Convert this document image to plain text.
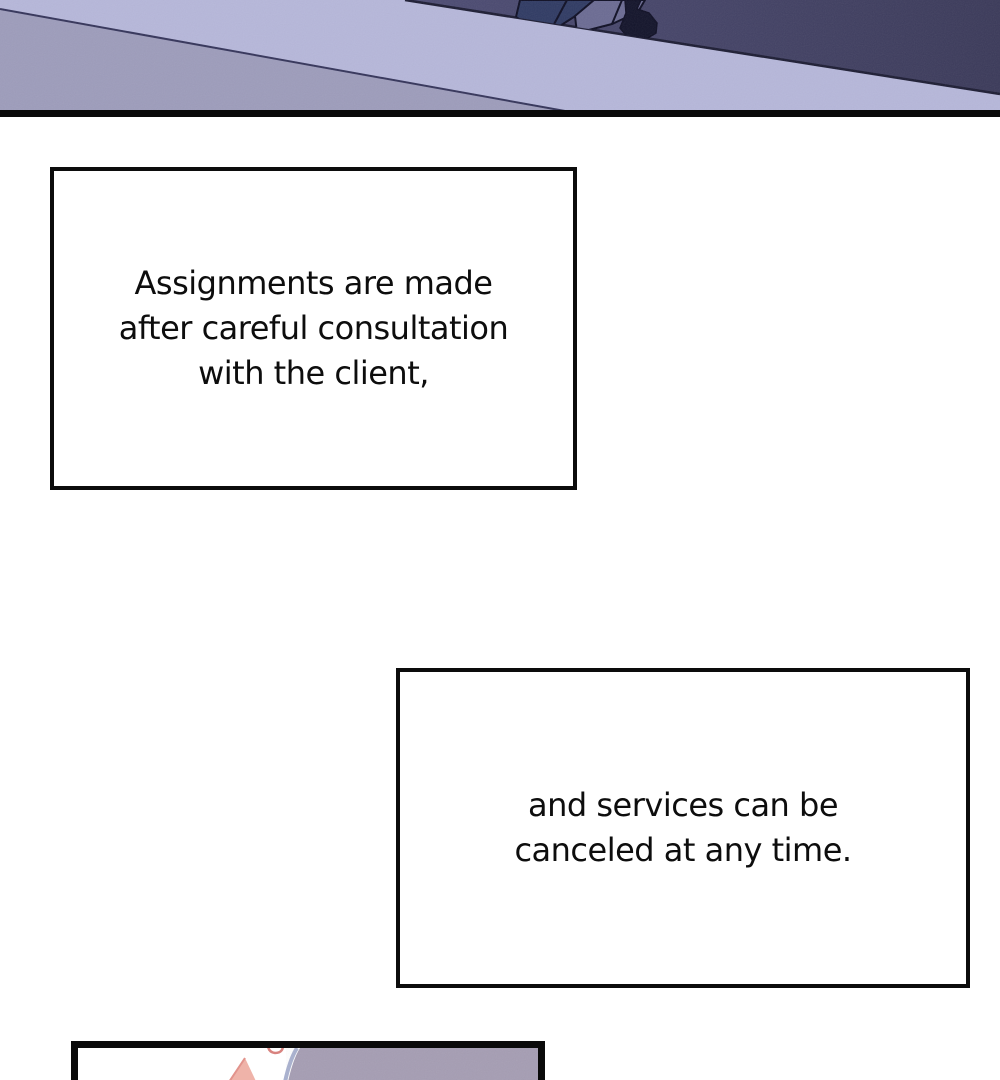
Assignments are made
after careful consultation
with the client,
and services can be
canceled at any time.
